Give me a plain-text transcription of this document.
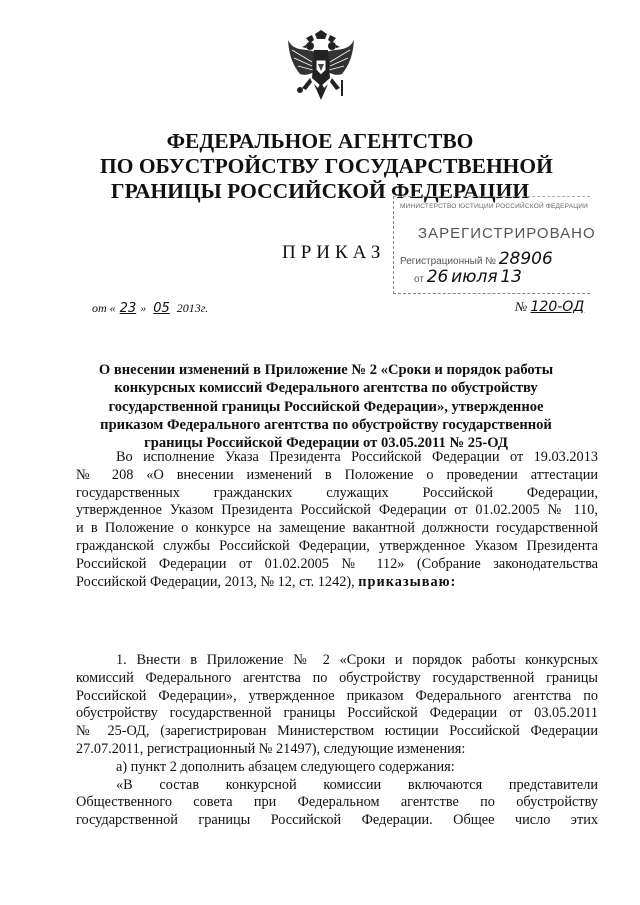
ФЕДЕРАЛЬНОЕ АГЕНТСТВО
ПО ОБУСТРОЙСТВУ ГОСУДАРСТВЕННОЙ
ГРАНИЦЫ РОССИЙСКОЙ ФЕДЕРАЦИИ
ПРИКАЗ
МИНИСТЕРСТВО ЮСТИЦИИ РОССИЙСКОЙ ФЕДЕРАЦИИ
ЗАРЕГИСТРИРОВАНО
Регистрационный № 28906
от 26 июля 13
от « 23 » 05 2013г.	№ 120-ОД
О внесении изменений в Приложение № 2 «Сроки и порядок работы
конкурсных комиссий Федерального агентства по обустройству
государственной границы Российской Федерации», утвержденное
приказом Федерального агентства по обустройству государственной
границы Российской Федерации от 03.05.2011 № 25-ОД
Во исполнение Указа Президента Российской Федерации от 19.03.2013
№ 208 «О внесении изменений в Положение о проведении аттестации
государственных гражданских служащих Российской Федерации,
утвержденное Указом Президента Российской Федерации от 01.02.2005 № 110,
и в Положение о конкурсе на замещение вакантной должности государственной
гражданской службы Российской Федерации, утвержденное Указом Президента
Российской Федерации от 01.02.2005 № 112» (Собрание законодательства
Российской Федерации, 2013, № 12, ст. 1242), приказываю:
1. Внести в Приложение № 2 «Сроки и порядок работы конкурсных
комиссий Федерального агентства по обустройству государственной границы
Российской Федерации», утвержденное приказом Федерального агентства по
обустройству государственной границы Российской Федерации от 03.05.2011
№ 25-ОД, (зарегистрирован Министерством юстиции Российской Федерации
27.07.2011, регистрационный № 21497), следующие изменения:
а) пункт 2 дополнить абзацем следующего содержания:
«В состав конкурсной комиссии включаются представители
Общественного совета при Федеральном агентстве по обустройству
государственной границы Российской Федерации. Общее число этих
